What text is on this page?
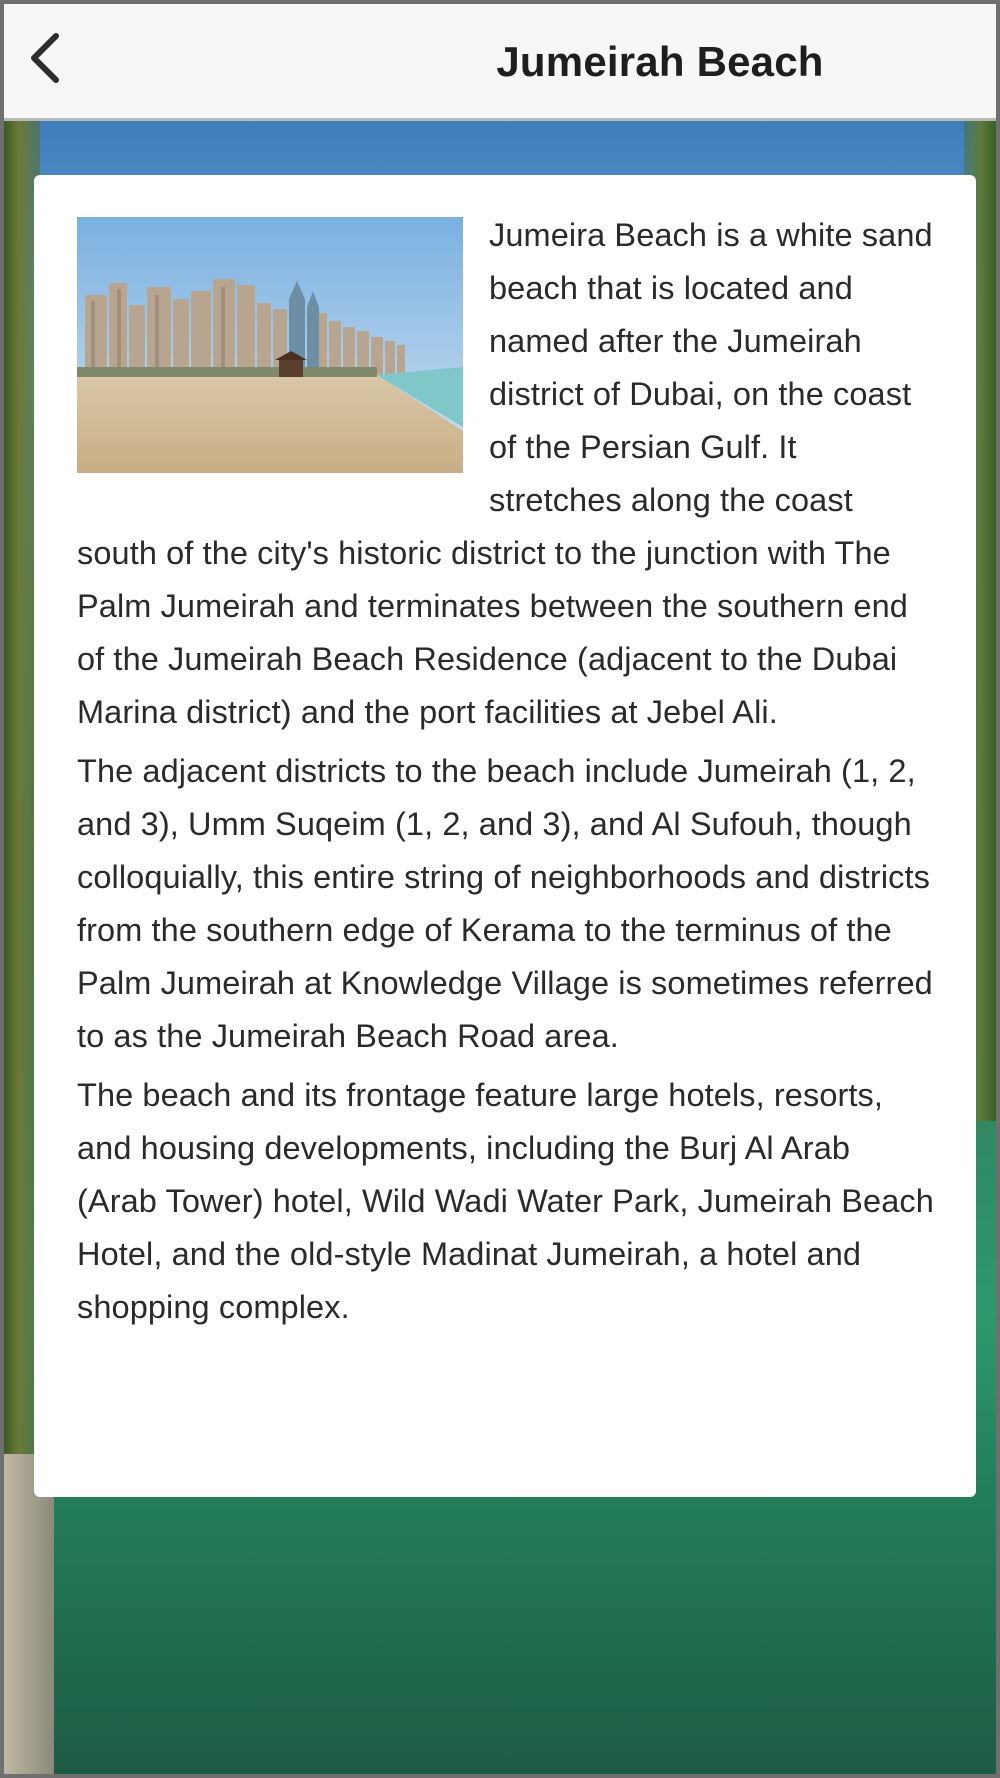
Jumeirah Beach

Jumeira Beach is a white sand beach that is located and named after the Jumeirah district of Dubai, on the coast of the Persian Gulf. It stretches along the coast south of the city's historic district to the junction with The Palm Jumeirah and terminates between the southern end of the Jumeirah Beach Residence (adjacent to the Dubai Marina district) and the port facilities at Jebel Ali.

The adjacent districts to the beach include Jumeirah (1, 2, and 3), Umm Suqeim (1, 2, and 3), and Al Sufouh, though colloquially, this entire string of neighborhoods and districts from the southern edge of Kerama to the terminus of the Palm Jumeirah at Knowledge Village is sometimes referred to as the Jumeirah Beach Road area.

The beach and its frontage feature large hotels, resorts, and housing developments, including the Burj Al Arab (Arab Tower) hotel, Wild Wadi Water Park, Jumeirah Beach Hotel, and the old-style Madinat Jumeirah, a hotel and shopping complex.
